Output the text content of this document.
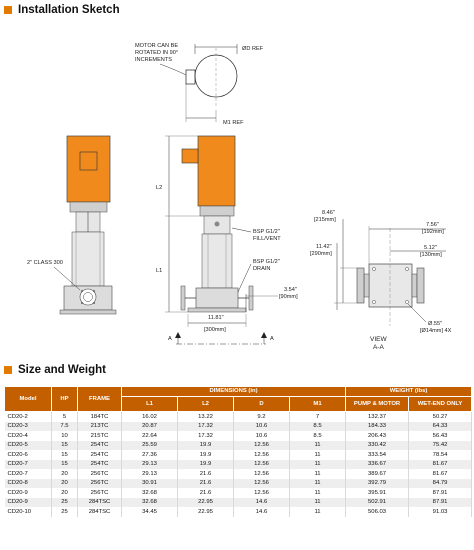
Installation Sketch
ØD REF
MOTOR CAN BE
ROTATED IN 90°
INCREMENTS
M1 REF
2" CLASS 300
L2
L1
BSP G1/2"
FILL/VENT
BSP G1/2"
DRAIN
3.54"
[90mm]
11.81"
[300mm]
A	A
8.46"
[215mm]
11.42"
[290mm]
7.56"
[192mm]
5.12"
[130mm]
Ø.55"
[Ø14mm] 4X
VIEW
A-A
Size and Weight
Model	HP	FRAME	DIMENSIONS (in)				WEIGHT (lbs)	
			L1	L2	D	M1	PUMP & MOTOR	WET-END ONLY
CD20-2	5	184TC	16.02	13.22	9.2	7	132.37	50.27
CD20-3	7.5	213TC	20.87	17.32	10.6	8.5	184.33	64.33
CD20-4	10	215TC	22.64	17.32	10.6	8.5	206.43	56.43
CD20-5	15	254TC	25.59	19.9	12.56	11	330.42	75.42
CD20-6	15	254TC	27.36	19.9	12.56	11	333.54	78.54
CD20-7	15	254TC	29.13	19.9	12.56	11	336.67	81.67
CD20-7	20	256TC	29.13	21.6	12.56	11	389.67	81.67
CD20-8	20	256TC	30.91	21.6	12.56	11	392.79	84.79
CD20-9	20	256TC	32.68	21.6	12.56	11	395.91	87.91
CD20-9	25	284TSC	32.68	22.95	14.6	11	502.91	87.91
CD20-10	25	284TSC	34.45	22.95	14.6	11	506.03	91.03
